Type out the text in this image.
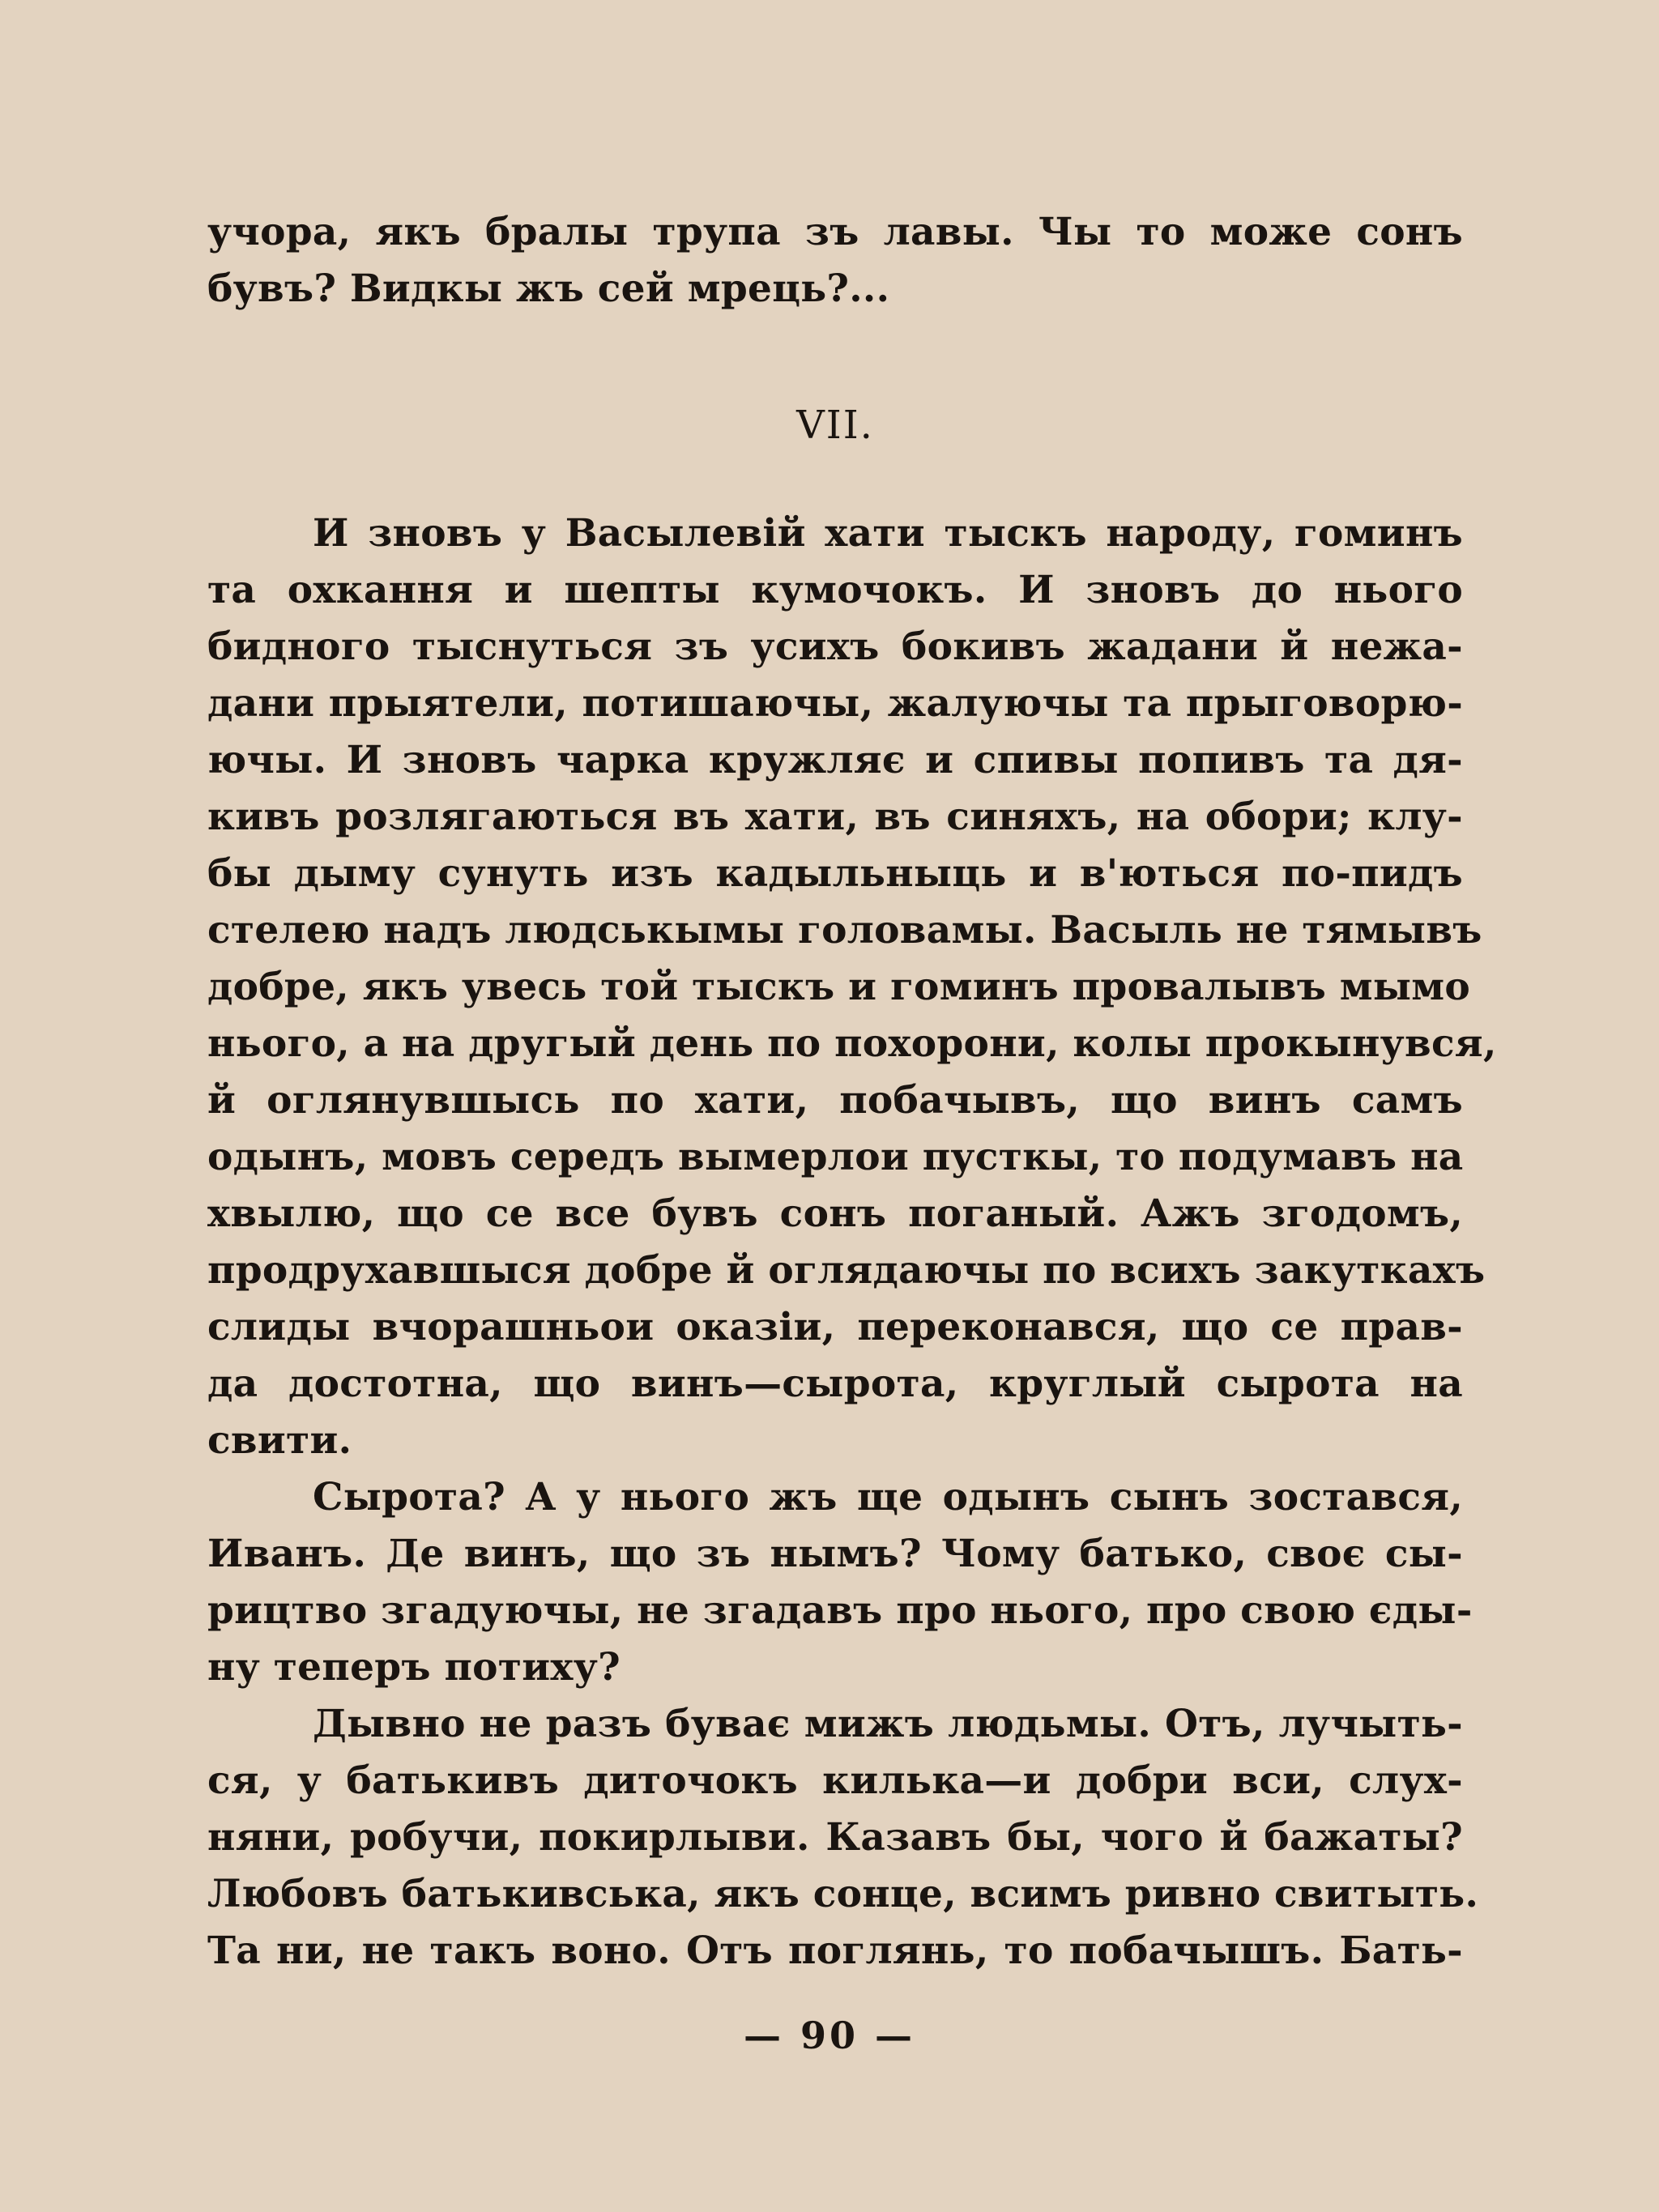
учора, якъ бралы трупа зъ лавы. Чы то може сонъ
бувъ? Видкы жъ сей мрець?...
VII.
И зновъ у Васылевій хати тыскъ народу, гоминъ
та охкання и шепты кумочокъ. И зновъ до нього
бидного тыснуться зъ усихъ бокивъ жадани й нежа-
дани прыятели, потишаючы, жалуючы та прыговорю-
ючы. И зновъ чарка кружляє и спивы попивъ та дя-
кивъ розлягаються въ хати, въ синяхъ, на обори; клу-
бы дыму сунуть изъ кадыльныць и в'ються по-пидъ
стелею надъ людськымы головамы. Васыль не тямывъ
добре, якъ увесь той тыскъ и гоминъ провалывъ мымо
нього, а на другый день по похорони, колы прокынувся,
й оглянувшысь по хати, побачывъ, що винъ самъ
одынъ, мовъ середъ вымерлои пусткы, то подумавъ на
хвылю, що се все бувъ сонъ поганый. Ажъ згодомъ,
продрухавшыся добре й оглядаючы по всихъ закуткахъ
слиды вчорашньои оказіи, переконався, що се прав-
да достотна, що винъ—сырота, круглый сырота на
свити.
Сырота? А у нього жъ ще одынъ сынъ зостався,
Иванъ. Де винъ, що зъ нымъ? Чому батько, своє сы-
рицтво згадуючы, не згадавъ про нього, про свою єды-
ну теперъ потиху?
Дывно не разъ буває мижъ людьмы. Отъ, лучыть-
ся, у батькивъ диточокъ килька—и добри вси, слух-
няни, робучи, покирлыви. Казавъ бы, чого й бажаты?
Любовъ батькивська, якъ сонце, всимъ ривно свитыть.
Та ни, не такъ воно. Отъ поглянь, то побачышъ. Бать-
— 90 —
